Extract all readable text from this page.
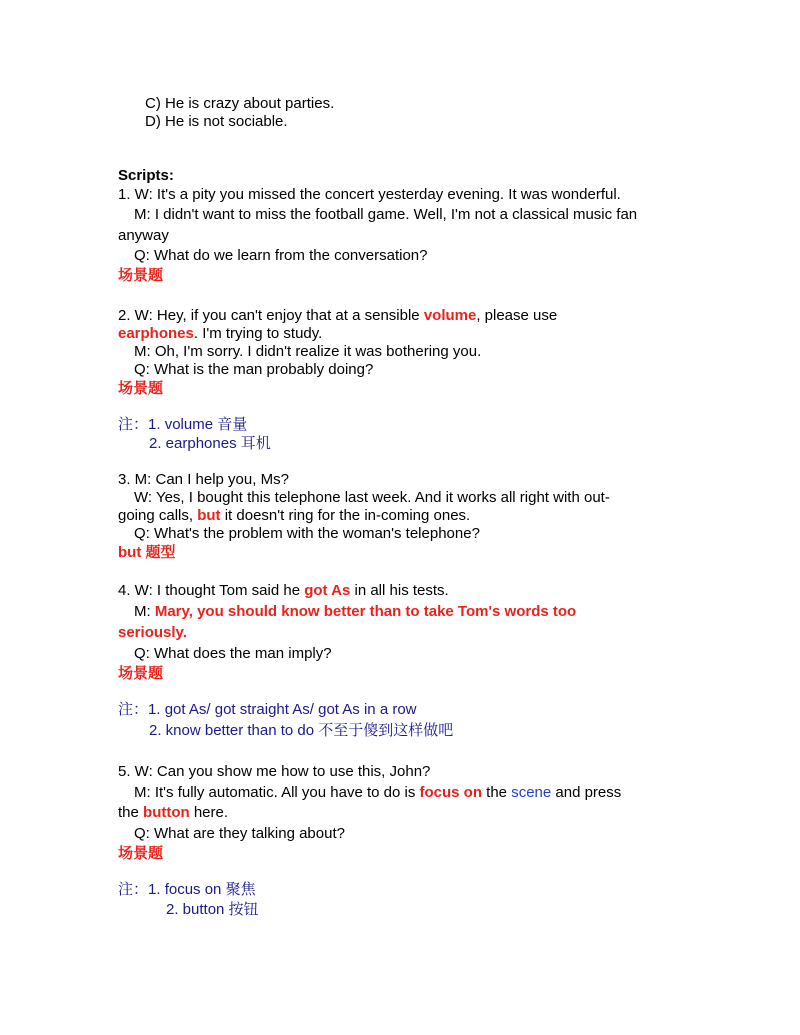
C) He is crazy about parties.
D) He is not sociable.
Scripts:
1. W: It's a pity you missed the concert yesterday evening. It was wonderful.
M: I didn't want to miss the football game. Well, I'm not a classical music fan
anyway
Q: What do we learn from the conversation?
场景题
2. W: Hey, if you can't enjoy that at a sensible volume, please use
earphones. I'm trying to study.
M: Oh, I'm sorry. I didn't realize it was bothering you.
Q: What is the man probably doing?
场景题
注：1. volume 音量
2. earphones 耳机
3. M: Can I help you, Ms?
W: Yes, I bought this telephone last week. And it works all right with out-
going calls, but it doesn't ring for the in-coming ones.
Q: What's the problem with the woman's telephone?
but 题型
4. W: I thought Tom said he got As in all his tests.
M: Mary, you should know better than to take Tom's words too
seriously.
Q: What does the man imply?
场景题
注：1. got As/ got straight As/ got As in a row
2. know better than to do 不至于傻到这样做吧
5. W: Can you show me how to use this, John?
M: It's fully automatic. All you have to do is focus on the scene and press
the button here.
Q: What are they talking about?
场景题
注：1. focus on 聚焦
2. button 按钮
